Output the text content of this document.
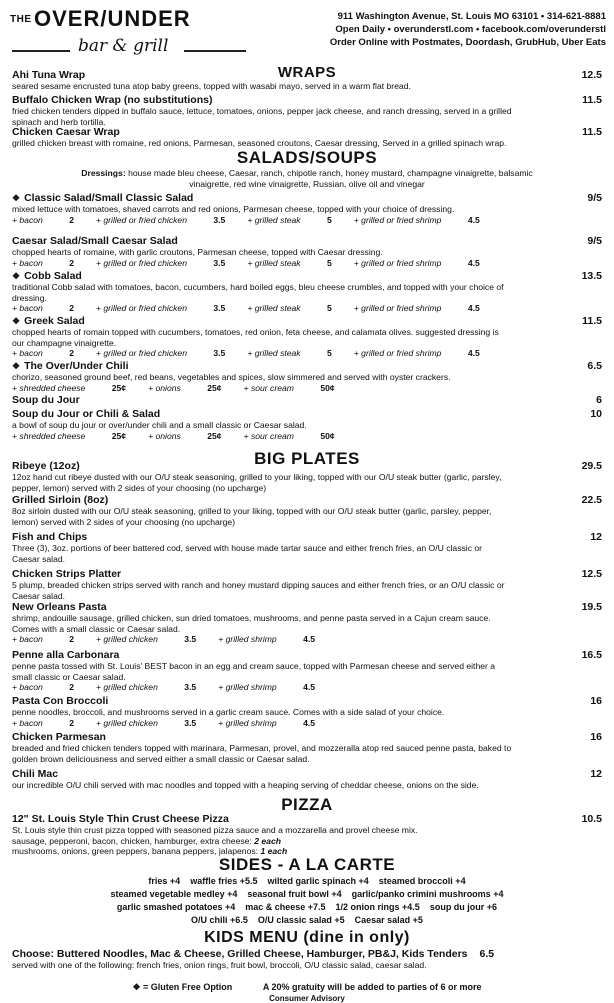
THE OVER/UNDER
bar & grill
911 Washington Avenue, St. Louis MO 63101 • 314-621-8881
Open Daily • overunderstl.com • facebook.com/overunderstl
Order Online with Postmates, Doordash, GrubHub, Uber Eats
WRAPS
Ahi Tuna Wrap	12.5
seared sesame encrusted tuna atop baby greens, topped with wasabi mayo, served in a warm flat bread.
Buffalo Chicken Wrap (no substitutions)	11.5
fried chicken tenders dipped in buffalo sauce, lettuce, tomatoes, onions, pepper jack cheese, and ranch dressing, served in a grilled spinach and herb tortilla.
Chicken Caesar Wrap	11.5
grilled chicken breast with romaine, red onions, Parmesan, seasoned croutons, Caesar dressing, Served in a grilled spinach wrap.
SALADS/SOUPS
Dressings: house made bleu cheese, Caesar, ranch, chipotle ranch, honey mustard, champagne vinaigrette, balsamic vinaigrette, red wine vinaigrette, Russian, olive oil and vinegar
❖ Classic Salad/Small Classic Salad	9/5
mixed lettuce with tomatoes, shaved carrots and red onions, Parmesan cheese, topped with your choice of dressing.
+ bacon	2	+ grilled or fried chicken	3.5	+ grilled steak	5	+ grilled or fried shrimp	4.5
Caesar Salad/Small Caesar Salad	9/5
chopped hearts of romaine, with garlic croutons, Parmesan cheese, topped with Caesar dressing.
+ bacon	2	+ grilled or fried chicken	3.5	+ grilled steak	5	+ grilled or fried shrimp	4.5
❖ Cobb Salad	13.5
traditional Cobb salad with tomatoes, bacon, cucumbers, hard boiled eggs, bleu cheese crumbles, and topped with your choice of dressing.
+ bacon	2	+ grilled or fried chicken	3.5	+ grilled steak	5	+ grilled or fried shrimp	4.5
❖ Greek Salad	11.5
chopped hearts of romain topped with cucumbers, tomatoes, red onion, feta cheese, and calamata olives. suggested dressing is our champagne vinaigrette.
+ bacon	2	+ grilled or fried chicken	3.5	+ grilled steak	5	+ grilled or fried shrimp	4.5
❖ The Over/Under Chili	6.5
chorizo, seasoned ground beef, red beans, vegetables and spices, slow simmered and served with oyster crackers.
+ shredded cheese	25¢	+ onions	25¢	+ sour cream	50¢
Soup du Jour	6
Soup du Jour or Chili & Salad	10
a bowl of soup du jour or over/under chili and a small classic or Caesar salad.
+ shredded cheese	25¢	+ onions	25¢	+ sour cream	50¢
BIG PLATES
Ribeye (12oz)	29.5
12oz hand cut ribeye dusted with our O/U steak seasoning, grilled to your liking, topped with our O/U steak butter (garlic, parsley, pepper, lemon) served with 2 sides of your choosing (no upcharge)
Grilled Sirloin (8oz)	22.5
8oz sirloin dusted with our O/U steak seasoning, grilled to your liking, topped with our O/U steak butter (garlic, parsley, pepper, lemon) served with 2 sides of your choosing (no upcharge)
Fish and Chips	12
Three (3), 3oz. portions of beer battered cod, served with house made tartar sauce and either french fries, an O/U classic or Caesar salad.
Chicken Strips Platter	12.5
5 plump, breaded chicken strips served with ranch and honey mustard dipping sauces and either french fries, or an O/U classic or Caesar salad.
New Orleans Pasta	19.5
shrimp, andouille sausage, grilled chicken, sun dried tomatoes, mushrooms, and penne pasta served in a Cajun cream sauce. Comes with a small classic or Caesar salad.
+ bacon	2	+ grilled chicken	3.5	+ grilled shrimp	4.5
Penne alla Carbonara	16.5
penne pasta tossed with St. Louis' BEST bacon in an egg and cream sauce, topped with Parmesan cheese and served either a small classic or Caesar salad.
+ bacon	2	+ grilled chicken	3.5	+ grilled shrimp	4.5
Pasta Con Broccoli	16
penne noodles, broccoli, and mushrooms served in a garlic cream sauce. Comes with a side salad of your choice.
+ bacon	2	+ grilled chicken	3.5	+ grilled shrimp	4.5
Chicken Parmesan	16
breaded and fried chicken tenders topped with marinara, Parmesan, provel, and mozzeralla atop red sauced penne pasta, baked to golden brown deliciousness and served either a small classic or Caesar salad.
Chili Mac	12
our incredible O/U chili served with mac noodles and topped with a heaping serving of cheddar cheese, onions on the side.
PIZZA
12" St. Louis Style Thin Crust Cheese Pizza	10.5
St. Louis style thin crust pizza topped with seasoned pizza sauce and a mozzarella and provel cheese mix.
sausage, pepperoni, bacon, chicken, hamburger, extra cheese: 2 each
mushrooms, onions, green peppers, banana peppers, jalapenos: 1 each
SIDES - A LA CARTE
fries +4 waffle fries +5.5 wilted garlic spinach +4 steamed broccoli +4
steamed vegetable medley +4 seasonal fruit bowl +4 garlic/panko crimini mushrooms +4
garlic smashed potatoes +4 mac & cheese +7.5 1/2 onion rings +4.5 soup du jour +6
O/U chili +6.5 O/U classic salad +5 Caesar salad +5
KIDS MENU (dine in only)
Choose: Buttered Noodles, Mac & Cheese, Grilled Cheese, Hamburger, PB&J, Kids Tenders 6.5
served with one of the following: french fries, onion rings, fruit bowl, broccoli, O/U classic salad, caesar salad.
❖ = Gluten Free Option	A 20% gratuity will be added to parties of 6 or more
Consumer Advisory
